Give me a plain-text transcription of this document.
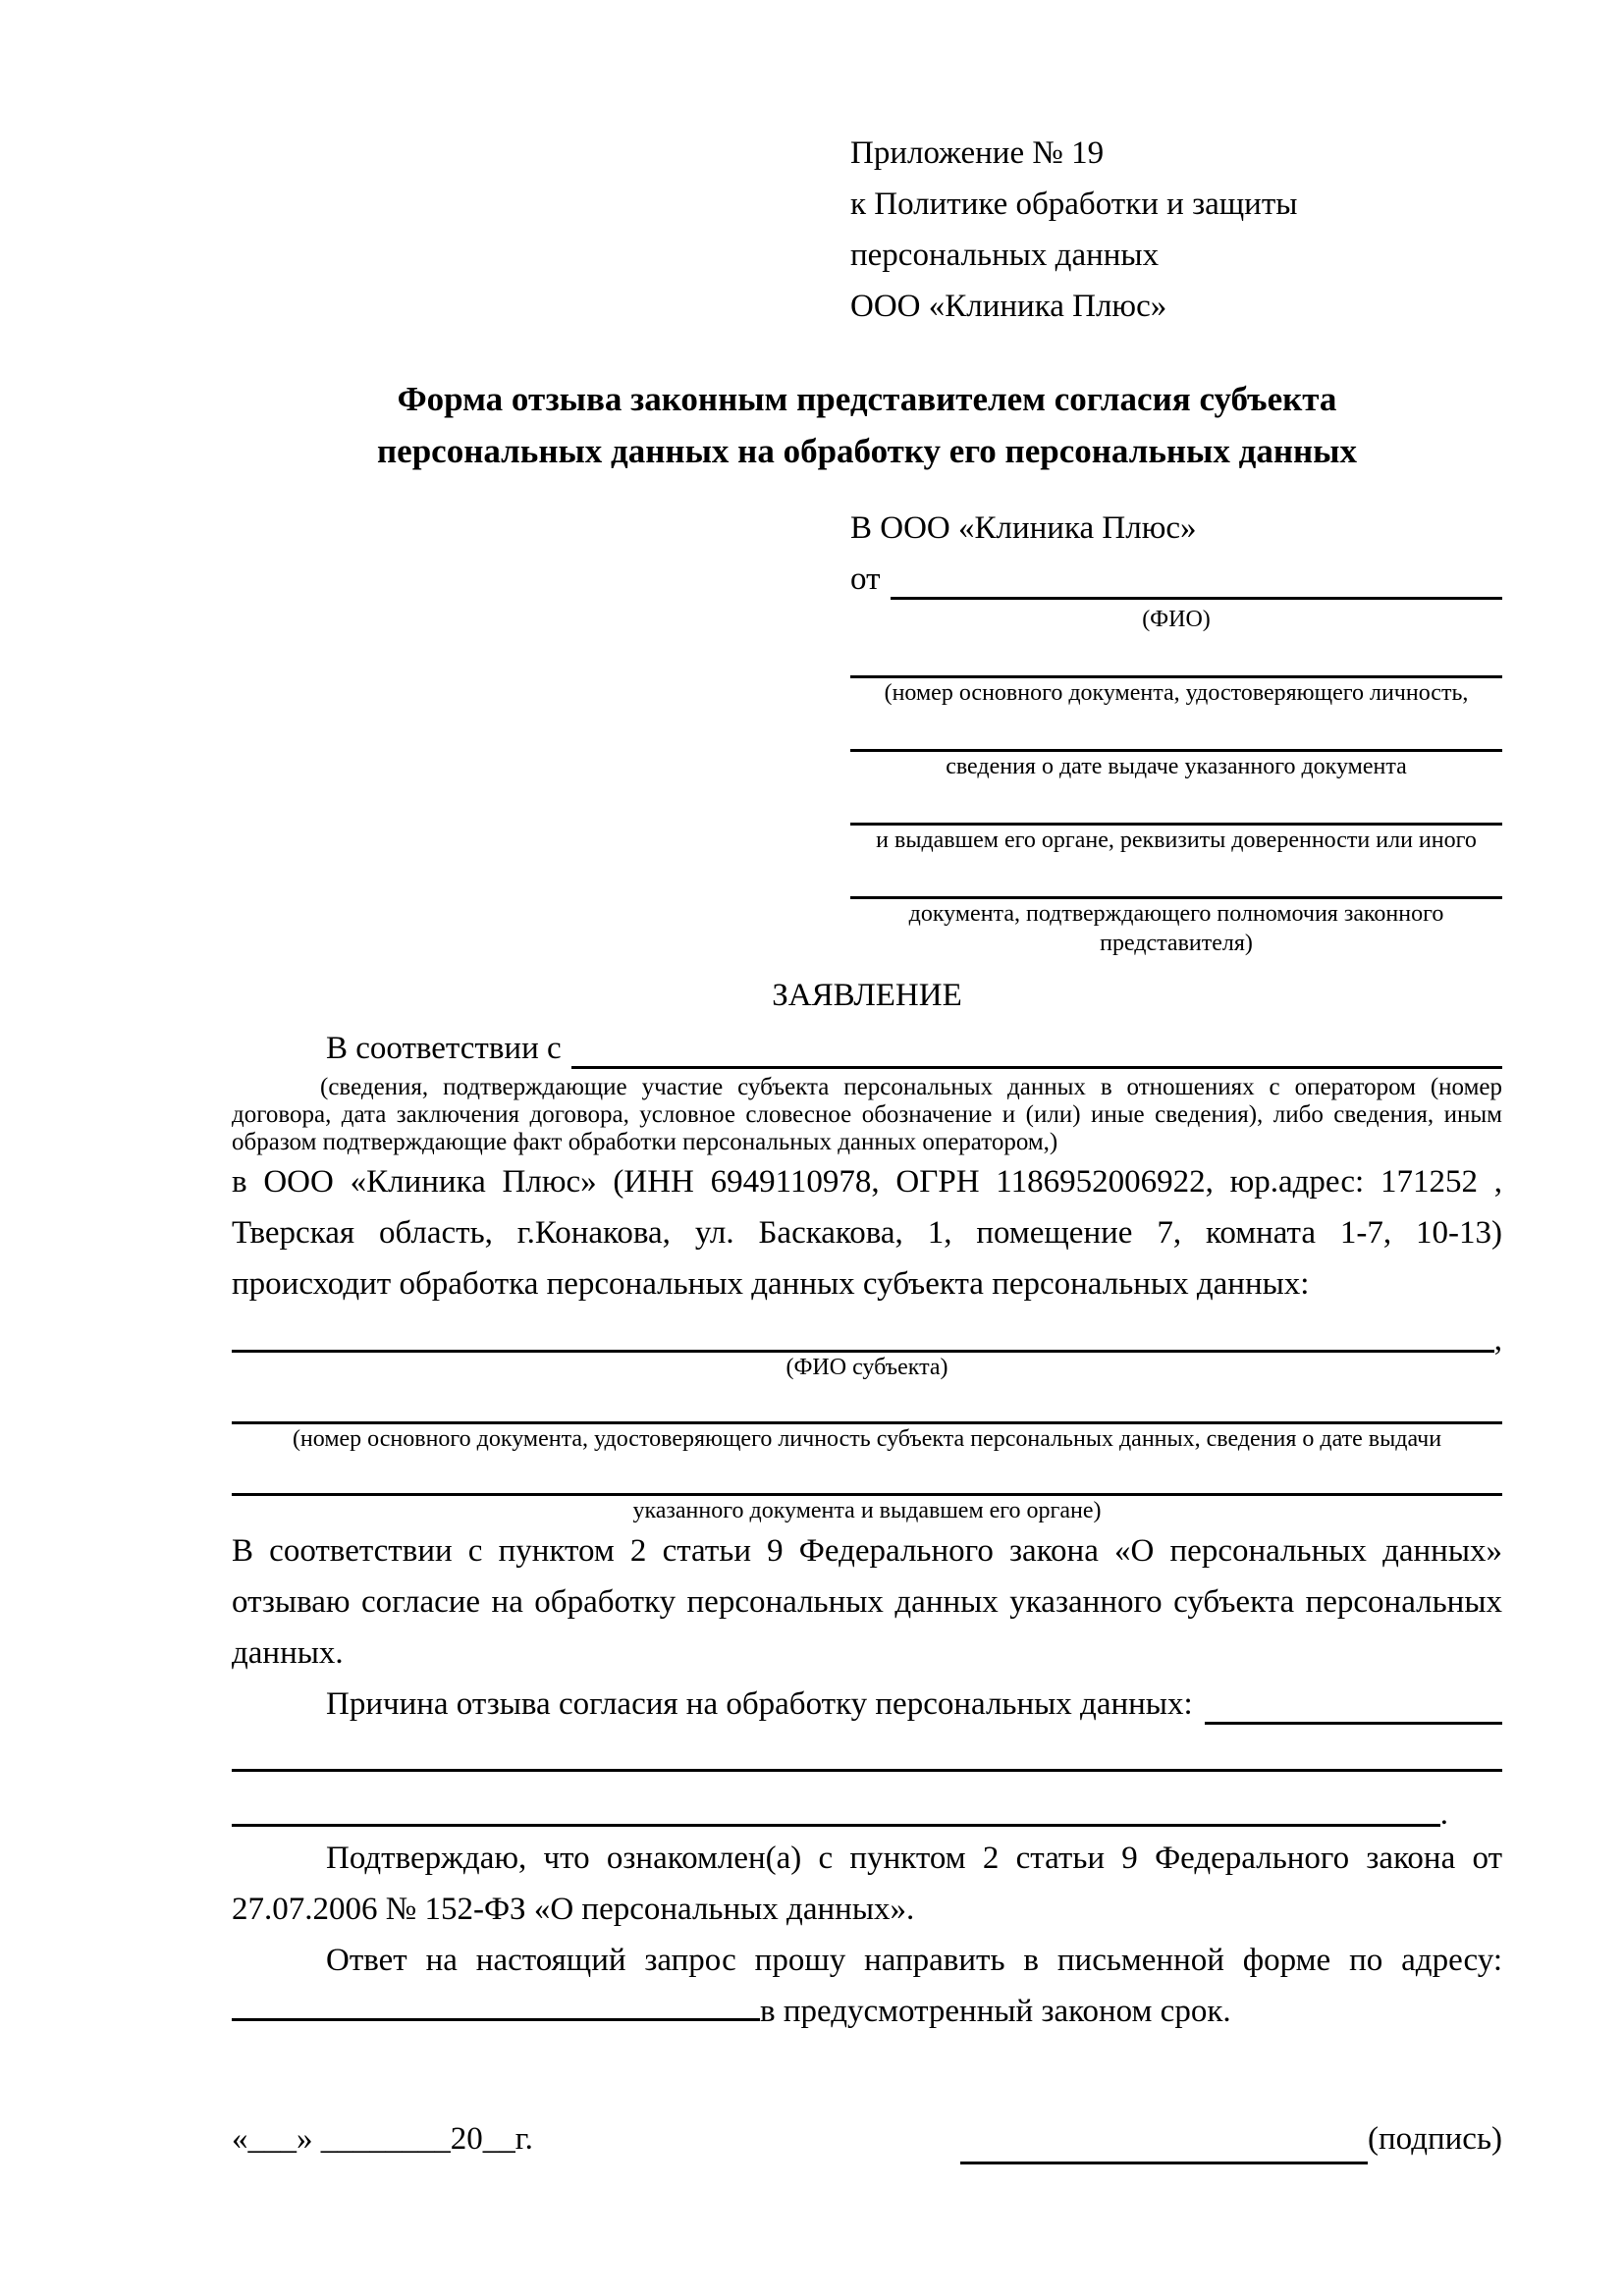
Приложение № 19
к Политике обработки и защиты
персональных данных
ООО «Клиника Плюс»
Форма отзыва законным представителем согласия субъекта
персональных данных на обработку его персональных данных
В ООО «Клиника Плюс»
от
(ФИО)
(номер основного документа, удостоверяющего личность,
сведения о дате выдаче указанного документа
и выдавшем его органе, реквизиты доверенности или иного
документа, подтверждающего полномочия законного представителя)
ЗАЯВЛЕНИЕ
В соответствии с
(сведения, подтверждающие участие субъекта персональных данных в отношениях с оператором (номер договора, дата заключения договора, условное словесное обозначение и (или) иные сведения), либо сведения, иным образом подтверждающие факт обработки персональных данных оператором,)
в ООО «Клиника Плюс» (ИНН 6949110978, ОГРН 1186952006922, юр.адрес: 171252 , Тверская область, г.Конакова, ул. Баскакова, 1, помещение 7, комната 1-7, 10-13) происходит обработка персональных данных субъекта персональных данных:
,
(ФИО субъекта)
(номер основного документа, удостоверяющего личность субъекта персональных данных, сведения о дате выдачи
указанного документа и выдавшем его органе)
В соответствии с пунктом 2 статьи 9 Федерального закона «О персональных данных» отзываю согласие на обработку персональных данных указанного субъекта персональных данных.
Причина отзыва согласия на обработку персональных данных:
.
Подтверждаю, что ознакомлен(а) с пунктом 2 статьи 9 Федерального закона от 27.07.2006 № 152-ФЗ «О персональных данных».
Ответ на настоящий запрос прошу направить в письменной форме по адресу: в предусмотренный законом срок.
«___» ________20__г.	(подпись)
